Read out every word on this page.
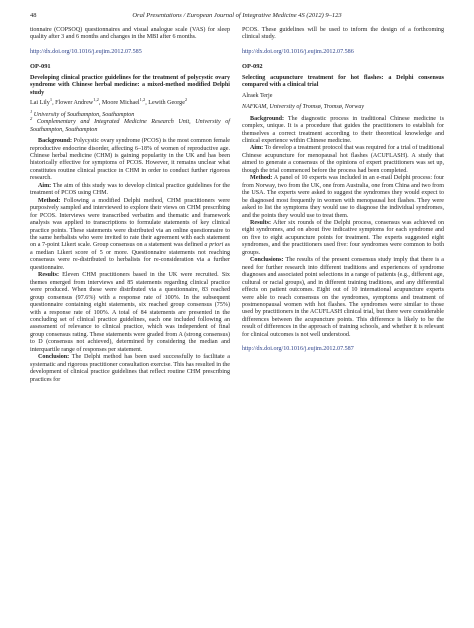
48	Oral Presentations / European Journal of Integrative Medicine 4S (2012) 9–123

tionnaire (COPSOQ) questionnaires and visual analogue scale (VAS) for sleep quality after 3 and 6 months and changes in the MBI after 6 months.

http://dx.doi.org/10.1016/j.eujim.2012.07.585

OP-091

Developing clinical practice guidelines for the treatment of polycystic ovary syndrome with Chinese herbal medicine: a mixed-method modified Delphi study

Lai Lily$^1$, Flower Andrew$^{1,2}$, Moore Michael$^{1,2}$, Lewith George$^2$

$^1$ University of Southampton, Southampton

$^2$ Complementary and Integrated Medicine Research Unit, University of Southampton, Southampton

Background: Polycystic ovary syndrome (PCOS) is the most common female reproductive endocrine disorder, affecting 6–18% of women of reproductive age. Chinese herbal medicine (CHM) is gaining popularity in the UK and has been historically effective for symptoms of PCOS. However, it remains unclear what constitutes routine clinical practice in CHM in order to conduct further rigorous research.

Aim: The aim of this study was to develop clinical practice guidelines for the treatment of PCOS using CHM.

Method: Following a modified Delphi method, CHM practitioners were purposively sampled and interviewed to explore their views on CHM prescribing for PCOS. Interviews were transcribed verbatim and thematic and framework analysis was applied to transcriptions to formulate statements of key clinical practice points. These statements were distributed via an online questionnaire to the same herbalists who were invited to rate their agreement with each statement on a 7-point Likert scale. Group consensus on a statement was defined a priori as a median Likert score of 5 or more. Questionnaire statements not reaching consensus were re-distributed to herbalists for re-consideration via a further questionnaire.

Results: Eleven CHM practitioners based in the UK were recruited. Six themes emerged from interviews and 85 statements regarding clinical practice were produced. When these were distributed via a questionnaire, 83 reached group consensus (97.6%) with a response rate of 100%. In the subsequent questionnaire containing eight statements, six reached group consensus (75%) with a response rate of 100%. A total of 84 statements are presented in the concluding set of clinical practice guidelines, each one included following an assessment of relevance to clinical practice, which was independent of final group consensus rating. These statements were graded from A (strong consensus) to D (consensus not achieved), determined by considering the median and interquartile range of responses per statement.

Conclusion: The Delphi method has been used successfully to facilitate a systematic and rigorous practitioner consultation exercise. This has resulted in the development of clinical practice guidelines that reflect routine CHM prescribing practices for

PCOS. These guidelines will be used to inform the design of a forthcoming clinical study.

http://dx.doi.org/10.1016/j.eujim.2012.07.586

OP-092

Selecting acupuncture treatment for hot flashes: a Delphi consensus compared with a clinical trial

Alraek Terje

NAFKAM, University of Tromsø, Tromsø, Norway

Background: The diagnostic process in traditional Chinese medicine is complex, unique. It is a procedure that guides the practitioners to establish for themselves a correct treatment according to their theoretical knowledge and clinical experience within Chinese medicine.

Aim: To develop a treatment protocol that was required for a trial of traditional Chinese acupuncture for menopausal hot flashes (ACUFLASH). A study that aimed to generate a consensus of the opinions of expert practitioners was set up, though the trial commenced before the process had been completed.

Method: A panel of 10 experts was included in an e-mail Delphi process: four from Norway, two from the UK, one from Australia, one from China and two from the USA. The experts were asked to suggest the syndromes they would expect to be diagnosed most frequently in women with menopausal hot flashes. They were asked to list the symptoms they would use to diagnose the individual syndromes, and the points they would use to treat them.

Results: After six rounds of the Delphi process, consensus was achieved on eight syndromes, and on about five indicative symptoms for each syndrome and on five to eight acupuncture points for treatment. The experts suggested eight syndromes, and the practitioners used five: four syndromes were common to both groups.

Conclusions: The results of the present consensus study imply that there is a need for further research into different traditions and experiences of syndrome diagnoses and associated point selections in a range of patients (e.g., different age, cultural or racial groups), and in different training traditions, and any differential effects on patient outcomes. Eight out of 10 international acupuncture experts were able to reach consensus on the syndromes, symptoms and treatment of postmenopausal women with hot flashes. The syndromes were similar to those used by practitioners in the ACUFLASH clinical trial, but there were considerable differences between the acupuncture points. This difference is likely to be the result of differences in the approach of training schools, and whether it is relevant for clinical outcomes is not well understood.

http://dx.doi.org/10.1016/j.eujim.2012.07.587
